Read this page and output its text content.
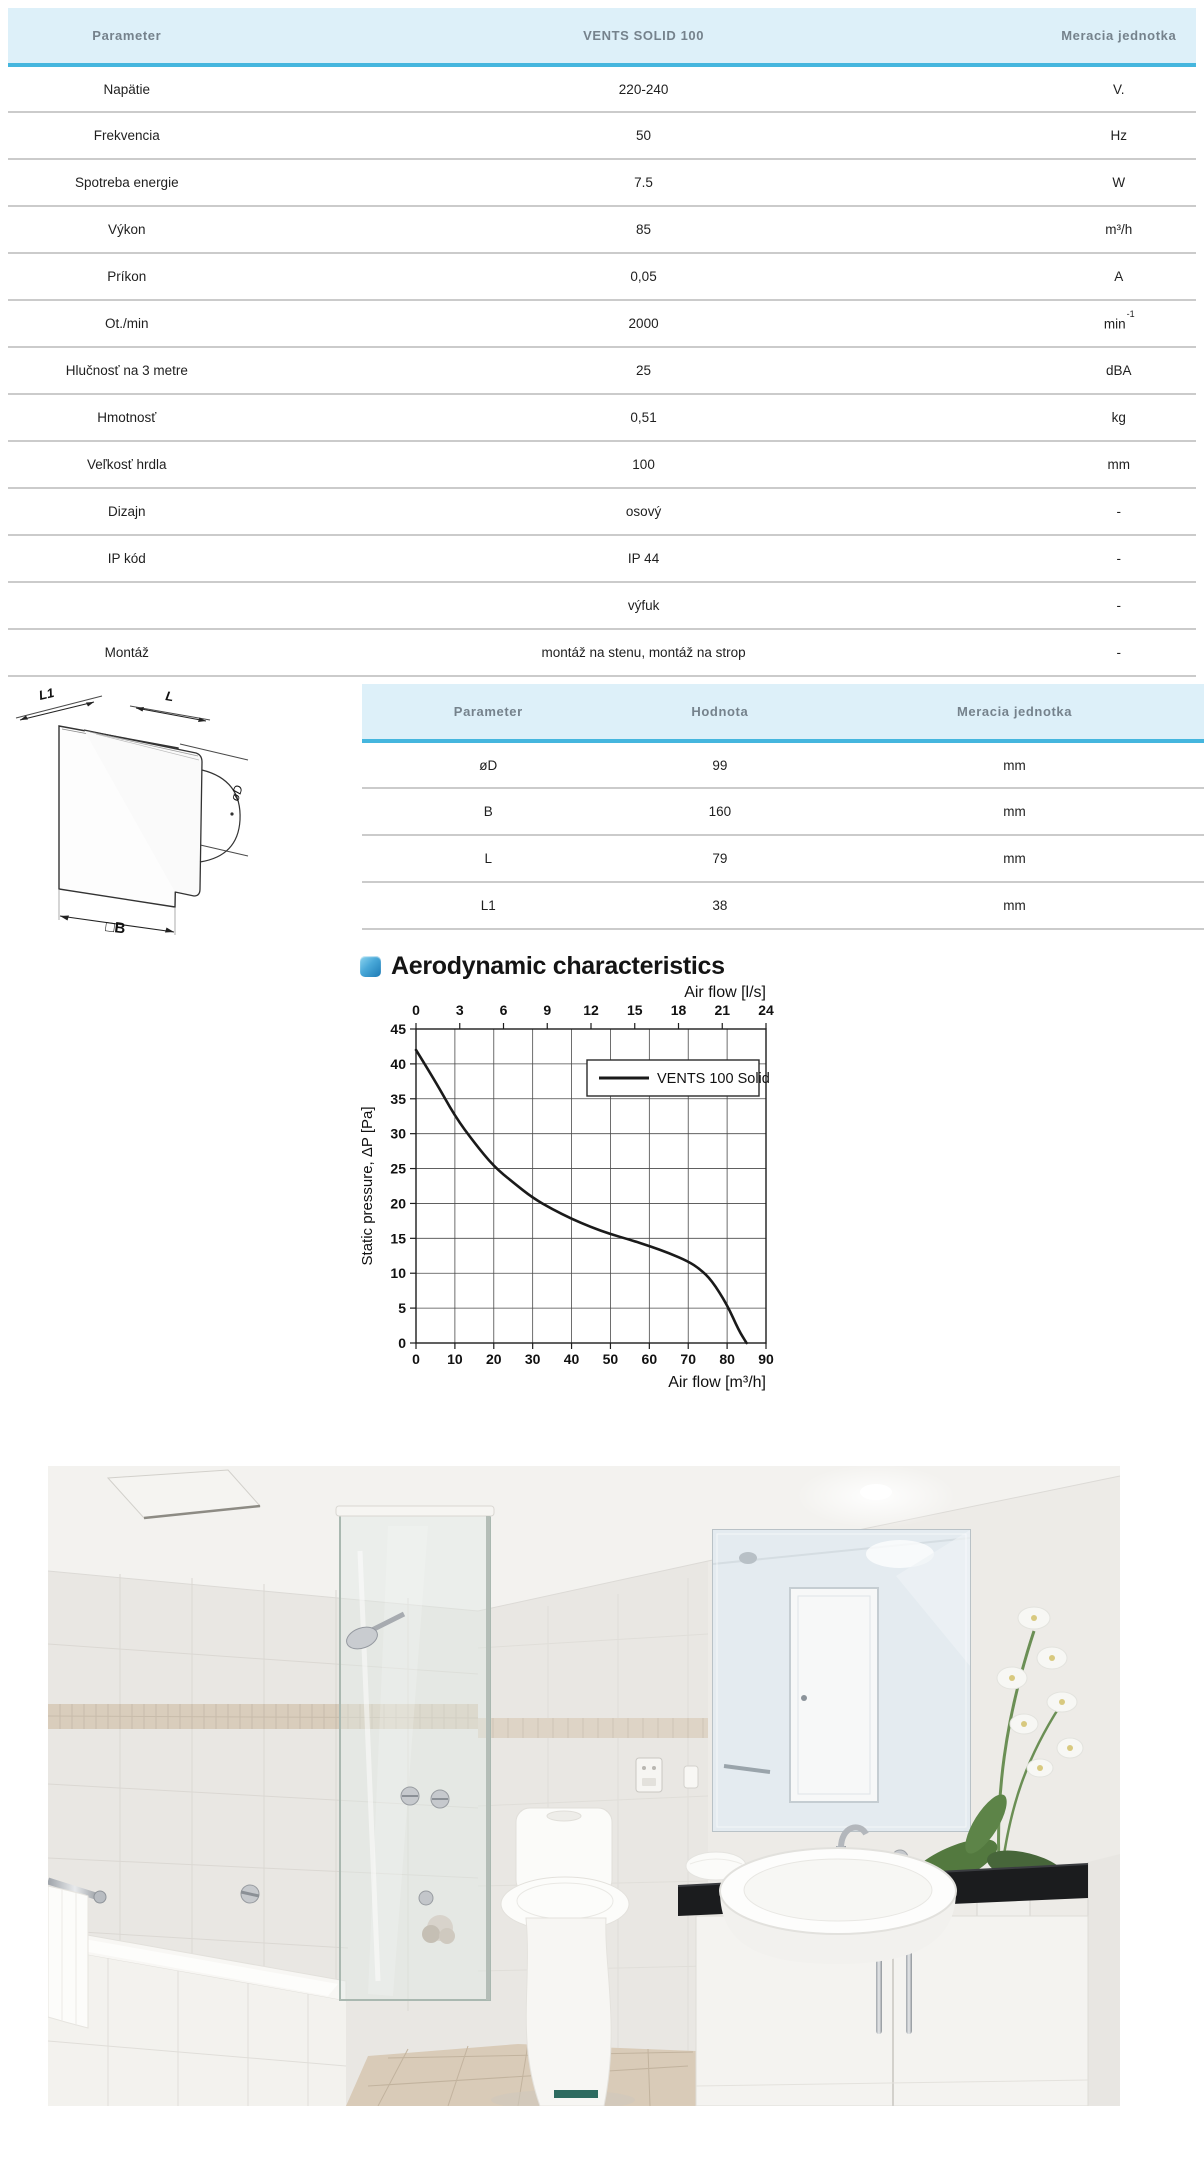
Parameter	VENTS SOLID 100	Meracia jednotka
Napätie	220-240	V.
Frekvencia	50	Hz
Spotreba energie	7.5	W
Výkon	85	m³/h
Príkon	0,05	A
Ot./min	2000	$\min^{-1}$
Hlučnosť na 3 metre	25	dBA
Hmotnosť	0,51	kg
Veľkosť hrdla	100	mm
Dizajn	osový	-
IP kód	IP 44	-
	výfuk	-
Montáž	montáž na stenu, montáž na strop	-
L1	L
øD
□B
Parameter	Hodnota	Meracia jednotka
øD	99	mm
B	160	mm
L	79	mm
L1	38	mm
Aerodynamic characteristics
0	3	6	9 12 15 18 21 24
0 10 20 30 40 50 60 70 80 90
0
5
10
15
20
25
30
35
40
45
Air flow [l/s]
Air flow [m³/h]
Static pressure, ΔP [Pa]
VENTS 100 Solid
